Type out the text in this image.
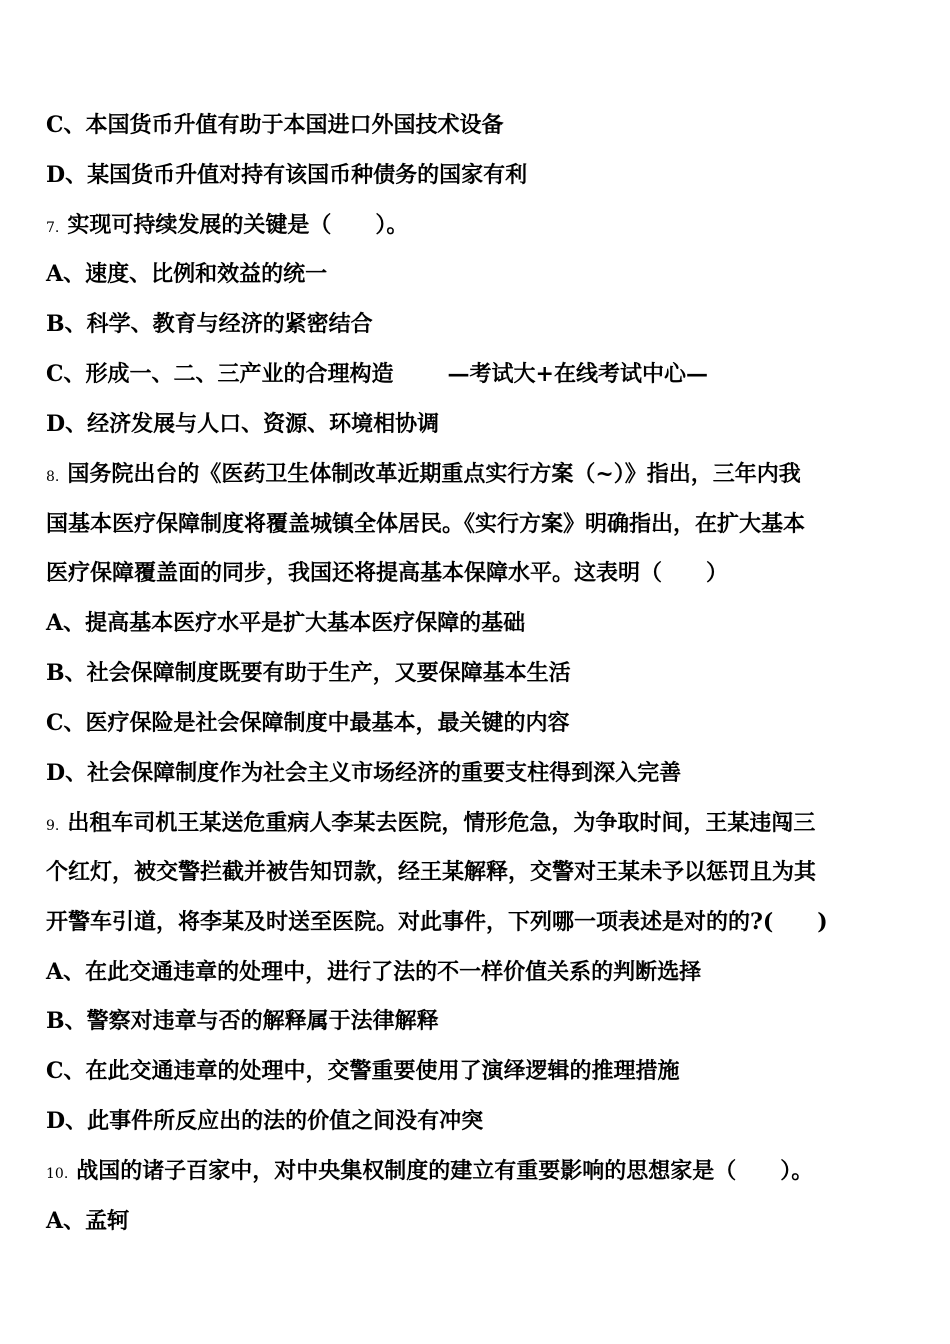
C、本国货币升值有助于本国进口外国技术设备
D、某国货币升值对持有该国币种债务的国家有利
7. 实现可持续发展的关键是（　　）。
A、速度、比例和效益的统一
B、科学、教育与经济的紧密结合
C、形成一、二、三产业的合理构造 —考试大+在线考试中心—
D、经济发展与人口、资源、环境相协调
8. 国务院出台的《医药卫生体制改革近期重点实行方案（~）》指出，三年内我
国基本医疗保障制度将覆盖城镇全体居民。《实行方案》明确指出，在扩大基本
医疗保障覆盖面的同步，我国还将提高基本保障水平。这表明（　　）
A、提高基本医疗水平是扩大基本医疗保障的基础
B、社会保障制度既要有助于生产，又要保障基本生活
C、医疗保险是社会保障制度中最基本，最关键的内容
D、社会保障制度作为社会主义市场经济的重要支柱得到深入完善
9. 出租车司机王某送危重病人李某去医院，情形危急，为争取时间，王某违闯三
个红灯，被交警拦截并被告知罚款，经王某解释，交警对王某未予以惩罚且为其
开警车引道，将李某及时送至医院。对此事件，下列哪一项表述是对的的?(　　)
A、在此交通违章的处理中，进行了法的不一样价值关系的判断选择
B、警察对违章与否的解释属于法律解释
C、在此交通违章的处理中，交警重要使用了演绎逻辑的推理措施
D、此事件所反应出的法的价值之间没有冲突
10. 战国的诸子百家中，对中央集权制度的建立有重要影响的思想家是（　　）。
A、孟轲
